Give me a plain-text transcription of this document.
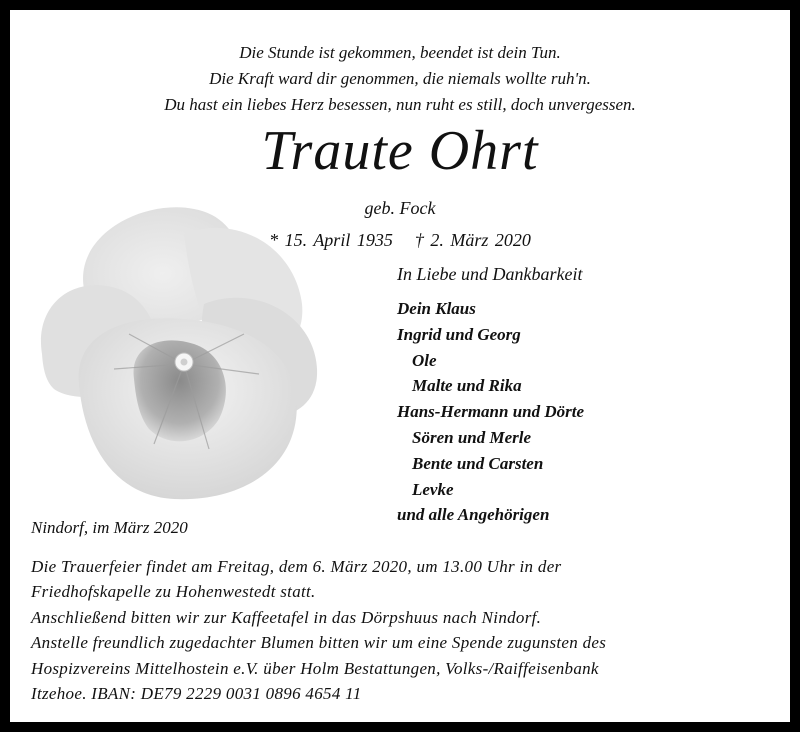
Die Stunde ist gekommen, beendet ist dein Tun.
Die Kraft ward dir genommen, die niemals wollte ruh'n.
Du hast ein liebes Herz besessen, nun ruht es still, doch unvergessen.
Traute Ohrt
geb. Fock
* 15. April 1935 † 2. März 2020
In Liebe und Dankbarkeit
Dein Klaus
Ingrid und Georg
Ole
Malte und Rika
Hans-Hermann und Dörte
Sören und Merle
Bente und Carsten
Levke
und alle Angehörigen
Nindorf, im März 2020
Die Trauerfeier findet am Freitag, dem 6. März 2020, um 13.00 Uhr in der
Friedhofskapelle zu Hohenwestedt statt.
Anschließend bitten wir zur Kaffeetafel in das Dörpshuus nach Nindorf.
Anstelle freundlich zugedachter Blumen bitten wir um eine Spende zugunsten des
Hospizvereins Mittelhostein e.V. über Holm Bestattungen, Volks-/Raiffeisenbank
Itzehoe. IBAN: DE79 2229 0031 0896 4654 11
